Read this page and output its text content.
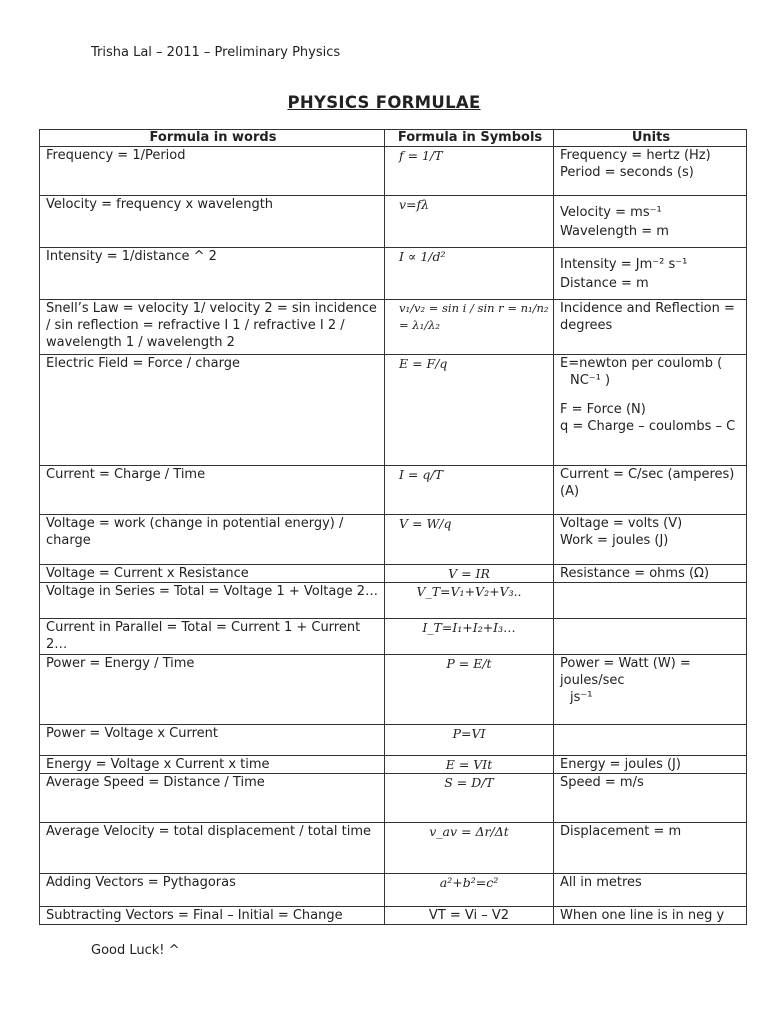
Trisha Lal – 2011 – Preliminary Physics
PHYSICS FORMULAE
Formula in words	Formula in Symbols	Units
Frequency = 1/Period	f = 1/T	Frequency = hertz (Hz)
Period = seconds (s)

Velocity = frequency x wavelength	v=fλ	Velocity = ms⁻¹
Wavelength = m

Intensity = 1/distance ^ 2	I ∝ 1/d²	Intensity = Jm⁻² s⁻¹
Distance = m

Snell’s Law = velocity 1/ velocity 2 = sin incidence / sin reflection = refractive I 1 / refractive I 2 / wavelength 1 / wavelength 2	v₁/v₂ = sin i / sin r = n₁/n₂ = λ₁/λ₂	Incidence and Reflection = degrees

Electric Field = Force / charge	E = F/q	E=newton per coulomb (
NC⁻¹ )
F = Force (N)
q = Charge – coulombs – C

Current = Charge / Time	I = q/T	Current = C/sec (amperes) (A)

Voltage = work (change in potential energy) / charge	V = W/q	Voltage = volts (V)
Work = joules (J)

Voltage = Current x Resistance	V = IR	Resistance = ohms (Ω)

Voltage in Series = Total = Voltage 1 + Voltage 2…	V_T=V₁+V₂+V₃..	
Current in Parallel = Total = Current 1 + Current 2…	I_T=I₁+I₂+I₃…	
Power = Energy / Time	P = E/t	Power = Watt (W) = joules/sec
js⁻¹

Power = Voltage x Current	P=VI	
Energy = Voltage x Current x time	E = VIt	Energy = joules (J)

Average Speed = Distance / Time	S = D/T	Speed = m/s

Average Velocity = total displacement / total time	v_av = Δr/Δt	Displacement = m

Adding Vectors = Pythagoras	a²+b²=c²	All in metres

Subtracting Vectors = Final – Initial = Change	VT = Vi – V2	When one line is in neg y
Good Luck! ^
